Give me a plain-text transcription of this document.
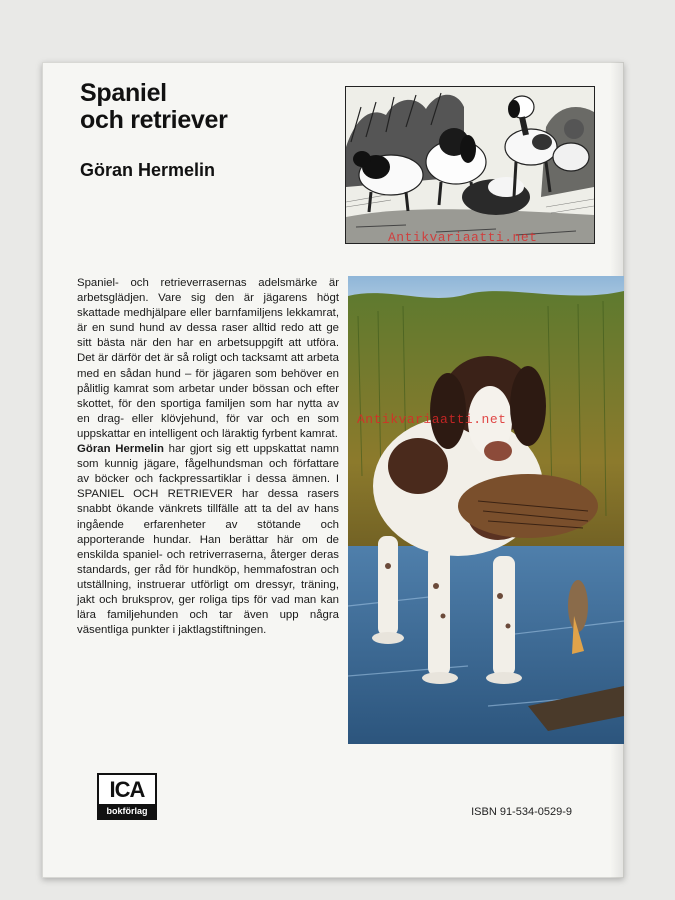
Spaniel
och retriever

Göran Hermelin

Antikvariaatti.net

Antikvariaatti.net

Spaniel- och retrieverrasernas adelsmärke är arbetsglädjen. Vare sig den är jägarens högt skattade medhjälpare eller barnfamiljens lekkamrat, är en sund hund av dessa raser alltid redo att ge sitt bästa när den har en arbetsuppgift att utföra. Det är därför det är så roligt och tacksamt att arbeta med en sådan hund – för jägaren som behöver en pålitlig kamrat som arbetar under bössan och efter skottet, för den sportiga familjen som har nytta av en drag- eller klövjehund, för var och en som uppskattar en intelligent och läraktig fyrbent kamrat.
Göran Hermelin har gjort sig ett uppskattat namn som kunnig jägare, fågelhundsman och författare av böcker och fackpressartiklar i dessa ämnen. I SPANIEL OCH RETRIEVER har dessa rasers snabbt ökande vänkrets tillfälle att ta del av hans ingående erfarenheter av stötande och apporterande hundar. Han berättar här om de enskilda spaniel- och retriverraserna, återger deras standards, ger råd för hundköp, hemmafostran och utställning, instruerar utförligt om dressyr, träning, jakt och bruksprov, ger roliga tips för vad man kan lära familjehunden och tar även upp några väsentliga punkter i jaktlagstiftningen.

ICA
bokförlag	ISBN 91-534-0529-9
